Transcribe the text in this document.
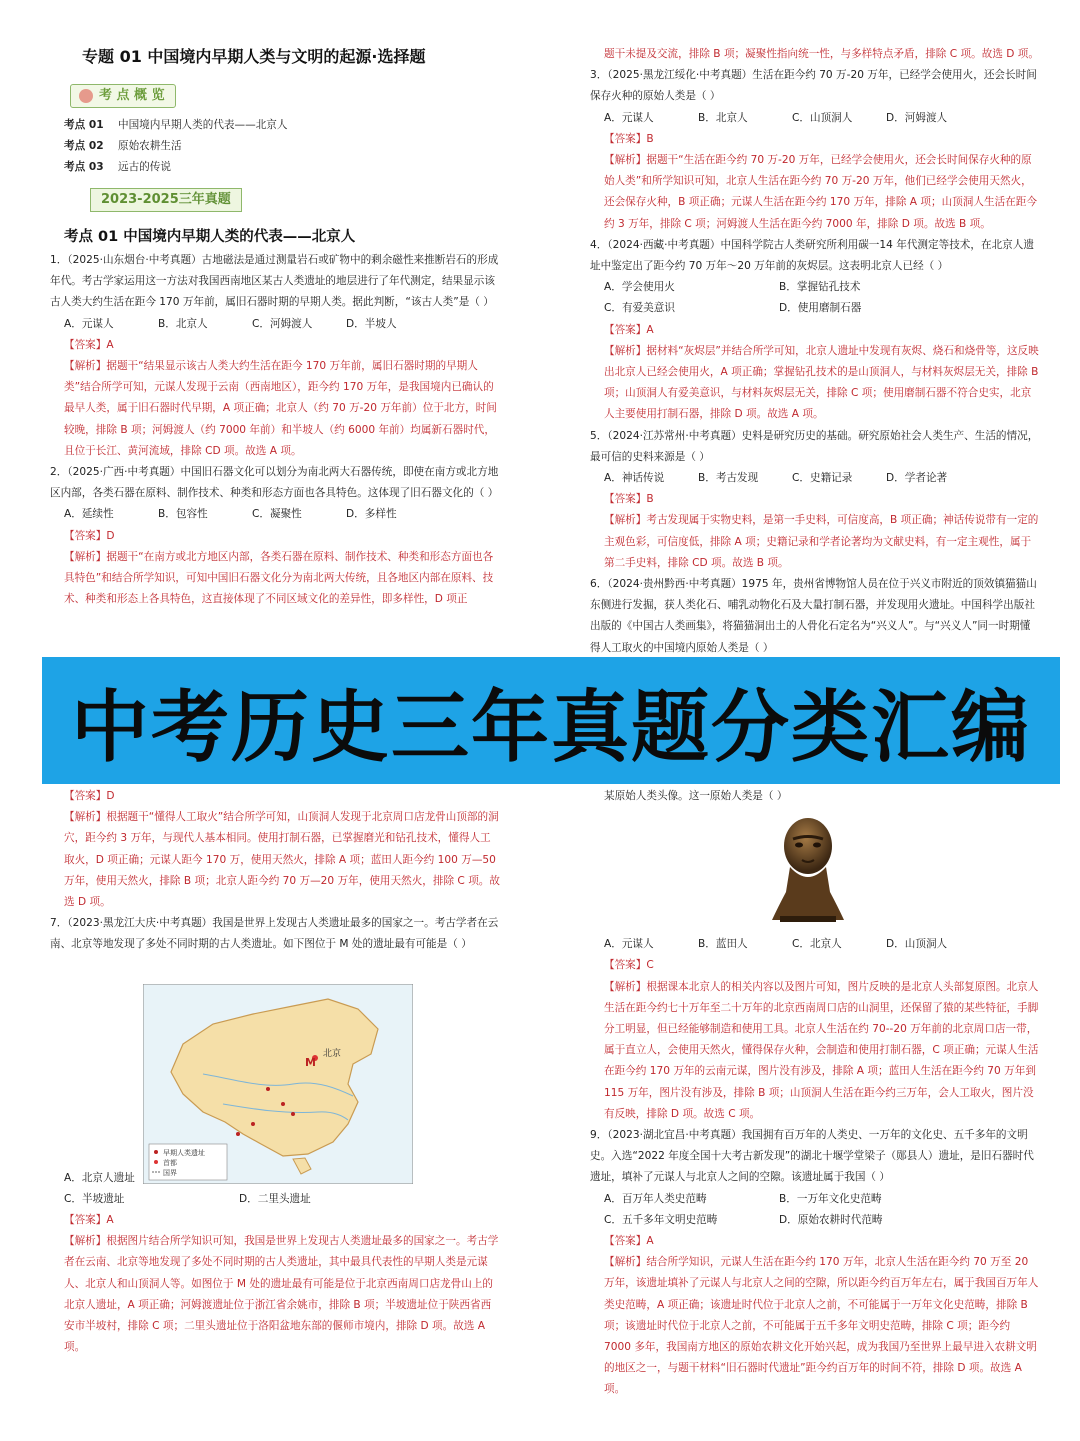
专题 01 中国境内早期人类与文明的起源·选择题
考 点 概 览
考点 01 中国境内早期人类的代表——北京人
考点 02 原始农耕生活
考点 03 远古的传说
2023-2025三年真题
考点 01 中国境内早期人类的代表——北京人

1．（2025·山东烟台·中考真题）古地磁法是通过测量岩石或矿物中的剩余磁性来推断岩石的形成年代。考古学家运用这一方法对我国西南地区某古人类遗址的地层进行了年代测定，结果显示该古人类大约生活在距今 170 万年前，属旧石器时期的早期人类。据此判断，“该古人类”是（ ）

A．元谋人	B．北京人	C．河姆渡人	D．半坡人

【答案】A

【解析】据题干“结果显示该古人类大约生活在距今 170 万年前，属旧石器时期的早期人类”结合所学可知，元谋人发现于云南（西南地区），距今约 170 万年，是我国境内已确认的最早人类，属于旧石器时代早期，A 项正确；北京人（约 70 万-20 万年前）位于北方，时间较晚，排除 B 项；河姆渡人（约 7000 年前）和半坡人（约 6000 年前）均属新石器时代，且位于长江、黄河流域，排除 CD 项。故选 A 项。

2．（2025·广西·中考真题）中国旧石器文化可以划分为南北两大石器传统，即使在南方或北方地区内部，各类石器在原料、制作技术、种类和形态方面也各具特色。这体现了旧石器文化的（ ）

A．延续性	B．包容性	C．凝聚性	D．多样性

【答案】D

【解析】据题干“在南方或北方地区内部，各类石器在原料、制作技术、种类和形态方面也各具特色”和结合所学知识，可知中国旧石器文化分为南北两大传统，且各地区内部在原料、技术、种类和形态上各具特色，这直接体现了不同区域文化的差异性，即多样性，D 项正

题干未提及交流，排除 B 项；凝聚性指向统一性，与多样特点矛盾，排除 C 项。故选 D 项。

3．（2025·黑龙江绥化·中考真题）生活在距今约 70 万-20 万年，已经学会使用火，还会长时间保存火种的原始人类是（ ）

A．元谋人	B．北京人	C．山顶洞人	D．河姆渡人

【答案】B

【解析】据题干“生活在距今约 70 万-20 万年，已经学会使用火，还会长时间保存火种的原始人类”和所学知识可知，北京人生活在距今约 70 万-20 万年，他们已经学会使用天然火，还会保存火种，B 项正确；元谋人生活在距今约 170 万年，排除 A 项；山顶洞人生活在距今约 3 万年，排除 C 项；河姆渡人生活在距今约 7000 年，排除 D 项。故选 B 项。

4．（2024·西藏·中考真题）中国科学院古人类研究所利用碳一14 年代测定等技术，在北京人遗址中鉴定出了距今约 70 万年～20 万年前的灰烬层。这表明北京人已经（ ）

A．学会使用火	B．掌握钻孔技术
C．有爱美意识	D．使用磨制石器

【答案】A

【解析】据材料“灰烬层”并结合所学可知，北京人遗址中发现有灰烬、烧石和烧骨等，这反映出北京人已经会使用火，A 项正确；掌握钻孔技术的是山顶洞人，与材料灰烬层无关，排除 B 项；山顶洞人有爱美意识，与材料灰烬层无关，排除 C 项；使用磨制石器不符合史实，北京人主要使用打制石器，排除 D 项。故选 A 项。

5．（2024·江苏常州·中考真题）史料是研究历史的基础。研究原始社会人类生产、生活的情况，最可信的史料来源是（ ）

A．神话传说	B．考古发现	C．史籍记录	D．学者论著

【答案】B

【解析】考古发现属于实物史料，是第一手史料，可信度高，B 项正确；神话传说带有一定的主观色彩，可信度低，排除 A 项；史籍记录和学者论著均为文献史料，有一定主观性，属于第二手史料，排除 CD 项。故选 B 项。

6．（2024·贵州黔西·中考真题）1975 年，贵州省博物馆人员在位于兴义市附近的顶效镇猫猫山东侧进行发掘，获人类化石、哺乳动物化石及大量打制石器，并发现用火遗址。中国科学出版社出版的《中国古人类画集》，将猫猫洞出土的人骨化石定名为“兴义人”。与“兴义人”同一时期懂得人工取火的中国境内原始人类是（ ）

中考历史三年真题分类汇编

【答案】D

【解析】根据题干“懂得人工取火”结合所学可知，山顶洞人发现于北京周口店龙骨山顶部的洞穴，距今约 3 万年，与现代人基本相同。使用打制石器，已掌握磨光和钻孔技术，懂得人工取火，D 项正确；元谋人距今 170 万，使用天然火，排除 A 项；蓝田人距今约 100 万—50 万年，使用天然火，排除 B 项；北京人距今约 70 万—20 万年，使用天然火，排除 C 项。故选 D 项。

7．（2023·黑龙江大庆·中考真题）我国是世界上发现古人类遗址最多的国家之一。考古学者在云南、北京等地发现了多处不同时期的古人类遗址。如下图位于 M 处的遗址最有可能是（ ）

A．北京人遗址
C．半坡遗址	D．二里头遗址

【答案】A

【解析】根据图片结合所学知识可知，我国是世界上发现古人类遗址最多的国家之一。考古学者在云南、北京等地发现了多处不同时期的古人类遗址，其中最具代表性的早期人类是元谋人、北京人和山顶洞人等。如图位于 M 处的遗址最有可能是位于北京西南周口店龙骨山上的北京人遗址，A 项正确；河姆渡遗址位于浙江省余姚市，排除 B 项；半坡遗址位于陕西省西安市半坡村，排除 C 项；二里头遗址位于洛阳盆地东部的偃师市境内，排除 D 项。故选 A 项。

北京
M
早期人类遗址
首都
国界

某原始人类头像。这一原始人类是（ ）

A．元谋人	B．蓝田人	C．北京人	D．山顶洞人

【答案】C

【解析】根据课本北京人的相关内容以及图片可知，图片反映的是北京人头部复原图。北京人生活在距今约七十万年至二十万年的北京西南周口店的山洞里，还保留了猿的某些特征，手脚分工明显，但已经能够制造和使用工具。北京人生活在约 70--20 万年前的北京周口店一带，属于直立人，会使用天然火，懂得保存火种，会制造和使用打制石器，C 项正确；元谋人生活在距今约 170 万年的云南元谋，图片没有涉及，排除 A 项；蓝田人生活在距今约 70 万年到 115 万年，图片没有涉及，排除 B 项；山顶洞人生活在距今约三万年，会人工取火，图片没有反映，排除 D 项。故选 C 项。

9．（2023·湖北宜昌·中考真题）我国拥有百万年的人类史、一万年的文化史、五千多年的文明史。入选“2022 年度全国十大考古新发现”的湖北十堰学堂梁子（郧县人）遗址，是旧石器时代遗址，填补了元谋人与北京人之间的空隙。该遗址属于我国（ ）

A．百万年人类史范畴	B．一万年文化史范畴
C．五千多年文明史范畴	D．原始农耕时代范畴

【答案】A

【解析】结合所学知识，元谋人生活在距今约 170 万年，北京人生活在距今约 70 万至 20 万年，该遗址填补了元谋人与北京人之间的空隙，所以距今约百万年左右，属于我国百万年人类史范畴，A 项正确；该遗址时代位于北京人之前，不可能属于一万年文化史范畴，排除 B 项；该遗址时代位于北京人之前，不可能属于五千多年文明史范畴，排除 C 项；距今约 7000 多年，我国南方地区的原始农耕文化开始兴起，成为我国乃至世界上最早进入农耕文明的地区之一，与题干材料“旧石器时代遗址”距今约百万年的时间不符，排除 D 项。故选 A 项。
